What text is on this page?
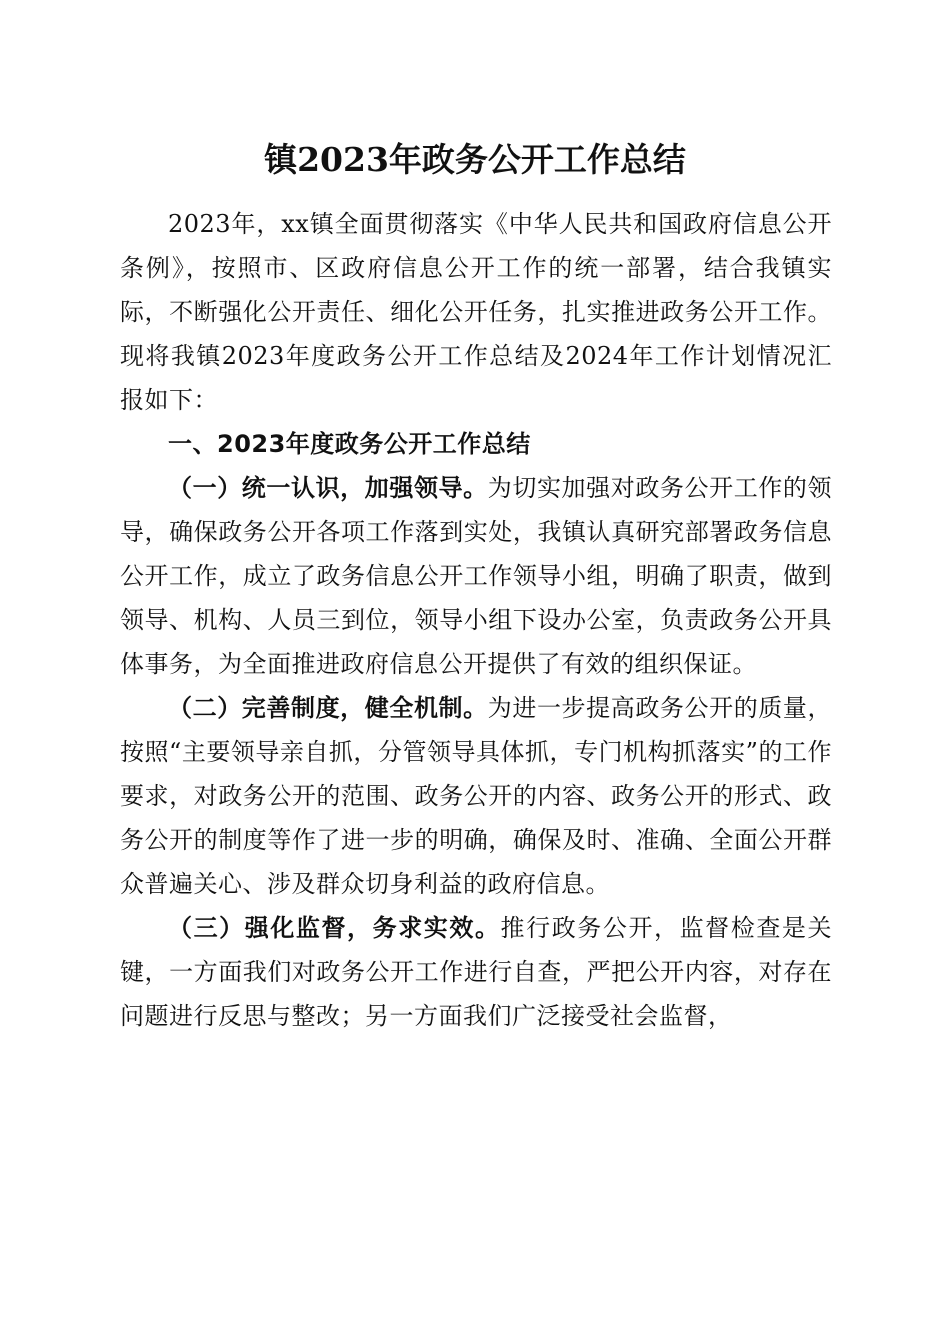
镇2023年政务公开工作总结

2023年，xx镇全面贯彻落实《中华人民共和国政府信息公开条例》，按照市、区政府信息公开工作的统一部署，结合我镇实际，不断强化公开责任、细化公开任务，扎实推进政务公开工作。现将我镇2023年度政务公开工作总结及2024年工作计划情况汇报如下：

一、2023年度政务公开工作总结

（一）统一认识，加强领导。为切实加强对政务公开工作的领导，确保政务公开各项工作落到实处，我镇认真研究部署政务信息公开工作，成立了政务信息公开工作领导小组，明确了职责，做到领导、机构、人员三到位，领导小组下设办公室，负责政务公开具体事务，为全面推进政府信息公开提供了有效的组织保证。

（二）完善制度，健全机制。为进一步提高政务公开的质量，按照“主要领导亲自抓，分管领导具体抓，专门机构抓落实”的工作要求，对政务公开的范围、政务公开的内容、政务公开的形式、政务公开的制度等作了进一步的明确，确保及时、准确、全面公开群众普遍关心、涉及群众切身利益的政府信息。

（三）强化监督，务求实效。推行政务公开，监督检查是关键，一方面我们对政务公开工作进行自查，严把公开内容，对存在问题进行反思与整改；另一方面我们广泛接受社会监督，
